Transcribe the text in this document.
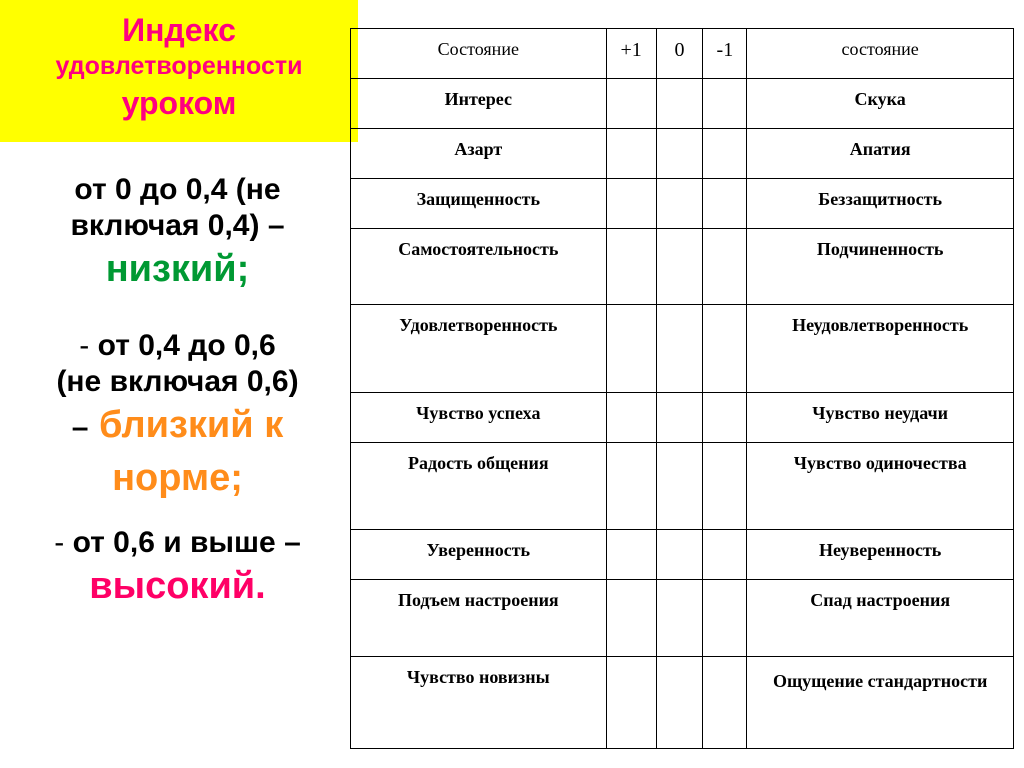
Индекс
удовлетворенности
уроком
от 0 до 0,4 (не
включая 0,4) –
низкий;
- от 0,4 до 0,6
(не включая 0,6)
– близкий к
норме;
- от 0,6 и выше –
высокий.
Состояние	+1	0	-1	состояние
Интерес				Скука
Азарт				Апатия
Защищенность				Беззащитность
Самостоятельность				Подчиненность
Удовлетворенность				Неудовлетворенность
Чувство успеха				Чувство неудачи
Радость общения				Чувство одиночества
Уверенность				Неуверенность
Подъем настроения				Спад настроения
Чувство новизны				Ощущение стандартности
